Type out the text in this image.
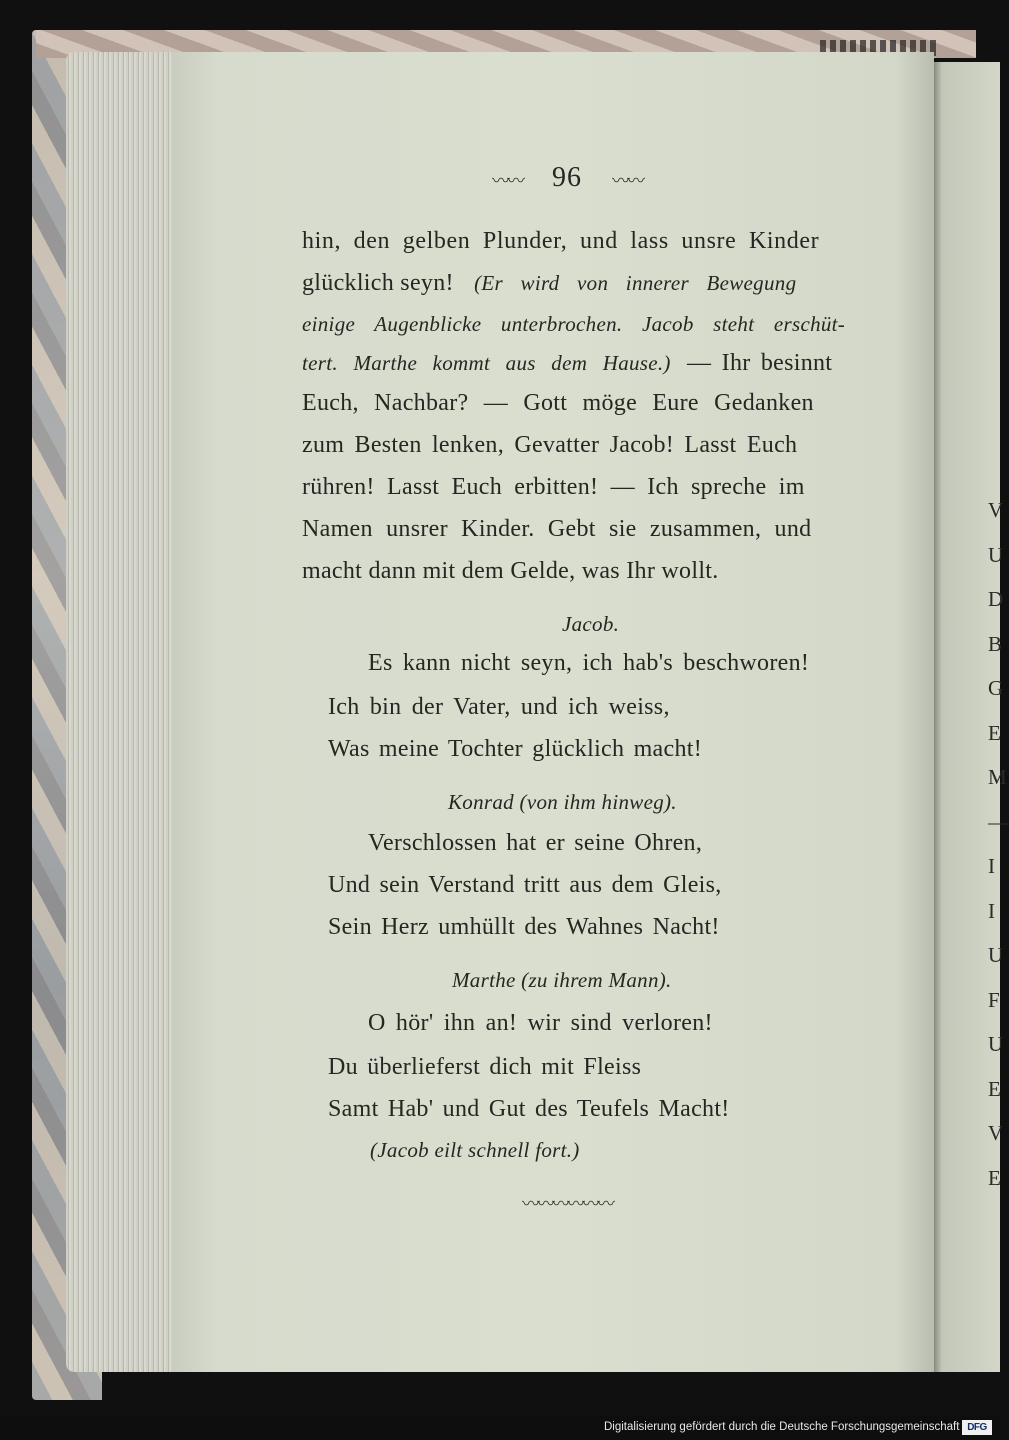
V
U
D
B
G
E
M
—
I
I
U
F
U
E
V
E
〰〰 96 〰〰
hin, den gelben Plunder, und lass unsre Kinder
glücklich seyn! (Er wird von innerer Bewegung
einige Augenblicke unterbrochen. Jacob steht erschüt-
tert. Marthe kommt aus dem Hause.) — Ihr besinnt
Euch, Nachbar? — Gott möge Eure Gedanken
zum Besten lenken, Gevatter Jacob! Lasst Euch
rühren! Lasst Euch erbitten! — Ich spreche im
Namen unsrer Kinder. Gebt sie zusammen, und
macht dann mit dem Gelde, was Ihr wollt.
Jacob.
Es kann nicht seyn, ich hab's beschworen!
Ich bin der Vater, und ich weiss,
Was meine Tochter glücklich macht!
Konrad (von ihm hinweg).
Verschlossen hat er seine Ohren,
Und sein Verstand tritt aus dem Gleis,
Sein Herz umhüllt des Wahnes Nacht!
Marthe (zu ihrem Mann).
O hör' ihn an! wir sind verloren!
Du überlieferst dich mit Fleiss
Samt Hab' und Gut des Teufels Macht!
(Jacob eilt schnell fort.)
〰〰〰〰〰〰
Digitalisierung gefördert durch die Deutsche Forschungsgemeinschaft DFG
